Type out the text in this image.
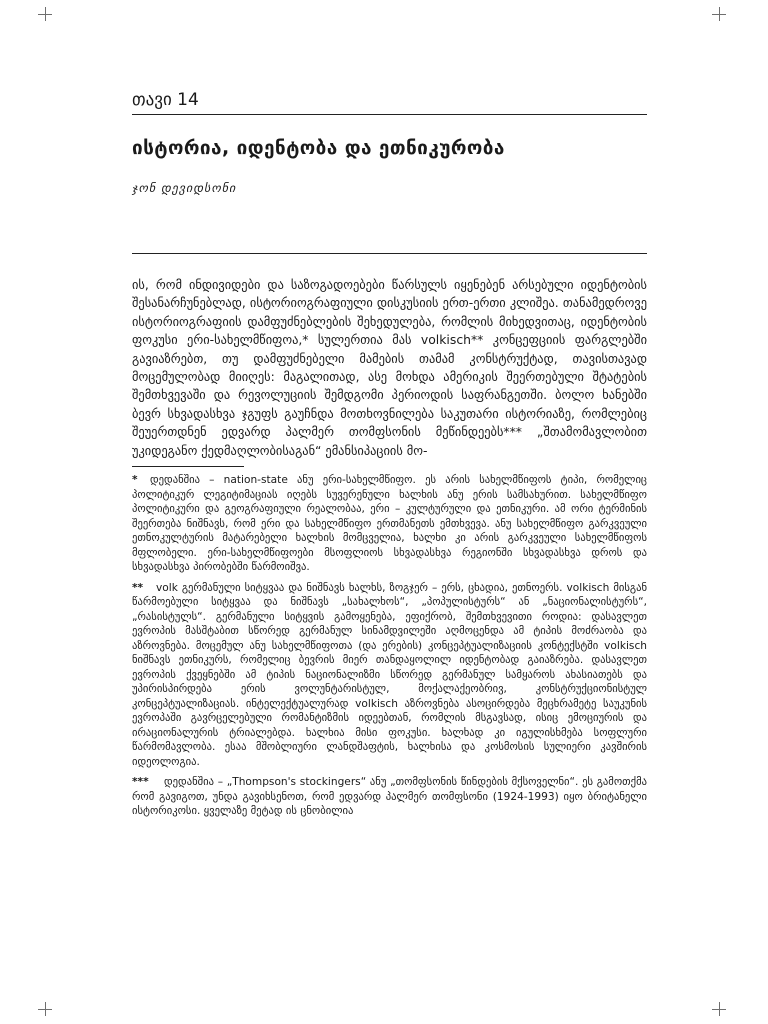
თავი 14

ისტორია, იდენტობა და ეთნიკურობა

ჯონ დევიდსონი

ის, რომ ინდივიდები და საზოგადოებები წარსულს იყენებენ არსებული იდენტობის შესანარჩუნებლად, ისტორიოგრაფიული დისკუსიის ერთ-ერთი კლიშეა. თანამედროვე ისტორიოგრაფიის დამფუძნებლების შეხედულება, რომლის მიხედვითაც, იდენტობის ფოკუსი ერი-სახელმწიფოა,* სულერთია მას volkisch** კონცეფციის ფარგლებში გავიაზრებთ, თუ დამფუძნებელი მამების თამამ კონსტრუქტად, თავისთავად მოცემულობად მიიღეს: მაგალითად, ასე მოხდა ამერიკის შეერთებული შტატების შემთხვევაში და რევოლუციის შემდგომი პერიოდის საფრანგეთში. ბოლო ხანებში ბევრ სხვადასხვა ჯგუფს გაუჩნდა მოთხოვნილება საკუთარი ისტორიაზე, რომლებიც შეუერთდნენ ედვარდ პალმერ თომფსონის მეწინდეებს*** „შთამომავლობით უკიდეგანო ქედმაღლობისაგან“ ემანსიპაციის მო-

*	დედანშია – nation-state ანუ ერი-სახელმწიფო. ეს არის სახელმწიფოს ტიპი, რომელიც პოლიტიკურ ლეგიტიმაციას იღებს სუვერენული ხალხის ანუ ერის სამსახურით. სახელმწიფო პოლიტიკური და გეოგრაფიული რეალობაა, ერი – კულტურული და ეთნიკური. ამ ორი ტერმინის შეერთება ნიშნავს, რომ ერი და სახელმწიფო ერთმანეთს ემთხვევა. ანუ სახელმწიფო გარკვეული ეთნოკულტურის მატარებელი ხალხის მომცველია, ხალხი კი არის გარკვეული სახელმწიფოს მფლობელი. ერი-სახელმწიფოები მსოფლიოს სხვადასხვა რეგიონში სხვადასხვა დროს და სხვადასხვა პირობებში წარმოიშვა.
**	volk გერმანული სიტყვაა და ნიშნავს ხალხს, ზოგჯერ – ერს, ცხადია, ეთნოერს. volkisch მისგან წარმოებული სიტყვაა და ნიშნავს „სახალხოს“, „პოპულისტურს“ ან „ნაციონალისტურს“, „რასისტულს“. გერმანული სიტყვის გამოყენება, ეფიქრობ, შემთხვევითი როდია: დასავლეთ ევროპის მასშტაბით სწორედ გერმანულ სინამდვილეში აღმოცენდა ამ ტიპის მოძრაობა და აზროვნება. მოცემულ ანუ სახელმწიფოთა (და ერების) კონცეპტუალიზაციის კონტექსტში volkisch ნიშნავს ეთნიკურს, რომელიც ბევრის მიერ თანდაყოლილ იდენტობად გაიაზრება. დასავლეთ ევროპის ქვეყნებში ამ ტიპის ნაციონალიზმი სწორედ გერმანულ სამყაროს ახასიათებს და უპირისპირდება ერის ვოლუნტარისტულ, მოქალაქეობრივ, კონსტრუქციონისტულ კონცეპტუალიზაციას. ინტელექტუალურად volkisch აზროვნება ასოცირდება მეცხრამეტე საუკუნის ევროპაში გავრცელებული რომანტიზმის იდეებთან, რომლის მსგავსად, ისიც ემოციურის და ირაციონალურის ტრიალებდა. ხალხია მისი ფოკუსი. ხალხად კი იგულისხმება სოფლური წარმომავლობა. ესაა მშობლიური ლანდშაფტის, ხალხისა და კოსმოსის სულიერი კავშირის იდეოლოგია.
***	დედანშია – „Thompson's stockingers“ ანუ „თომფსონის წინდების მქსოველნი“. ეს გამოთქმა რომ გავიგოთ, უნდა გავიხსენოთ, რომ ედვარდ პალმერ თომფსონი (1924-1993) იყო ბრიტანელი ისტორიკოსი. ყველაზე მეტად ის ცნობილია
